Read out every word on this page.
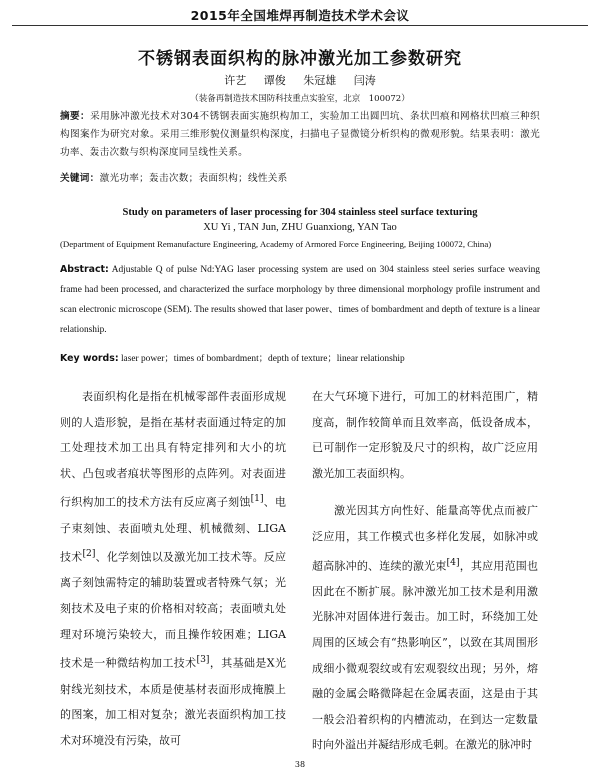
2015年全国堆焊再制造技术学术会议
不锈钢表面织构的脉冲激光加工参数研究
许艺 谭俊 朱冠雄 闫涛
（装备再制造技术国防科技重点实验室，北京　100072）
摘要：采用脉冲激光技术对304不锈钢表面实施织构加工，实验加工出圆凹坑、条状凹痕和网格状凹痕三种织构图案作为研究对象。采用三维形貌仪测量织构深度，扫描电子显微镜分析织构的微观形貌。结果表明：激光功率、轰击次数与织构深度同呈线性关系。
关键词：激光功率；轰击次数；表面织构；线性关系
Study on parameters of laser processing for 304 stainless steel surface texturing
XU Yi , TAN Jun, ZHU Guanxiong, YAN Tao
(Department of Equipment Remanufacture Engineering, Academy of Armored Force Engineering, Beijing 100072, China)
Abstract: Adjustable Q of pulse Nd:YAG laser processing system are used on 304 stainless steel series surface weaving frame had been processed, and characterized the surface morphology by three dimensional morphology profile instrument and scan electronic microscope (SEM). The results showed that laser power、times of bombardment and depth of texture is a linear relationship.
Key words: laser power；times of bombardment；depth of texture；linear relationship

表面织构化是指在机械零部件表面形成规则的人造形貌，是指在基材表面通过特定的加工处理技术加工出具有特定排列和大小的坑状、凸包或者痕状等图形的点阵列。对表面进行织构加工的技术方法有反应离子刻蚀[1]、电子束刻蚀、表面喷丸处理、机械微刻、LIGA技术[2]、化学刻蚀以及激光加工技术等。反应离子刻蚀需特定的辅助装置或者特殊气氛；光刻技术及电子束的价格相对较高；表面喷丸处理对环境污染较大，而且操作较困难；LIGA技术是一种微结构加工技术[3]，其基础是X光射线光刻技术，本质是使基材表面形成掩膜上的图案，加工相对复杂；激光表面织构加工技术对环境没有污染，故可

在大气环境下进行，可加工的材料范围广，精度高，制作较简单而且效率高，低设备成本，已可制作一定形貌及尺寸的织构，故广泛应用激光加工表面织构。

激光因其方向性好、能量高等优点而被广泛应用，其工作模式也多样化发展，如脉冲或超高脉冲的、连续的激光束[4]，其应用范围也因此在不断扩展。脉冲激光加工技术是利用激光脉冲对固体进行轰击。加工时，环绕加工处周围的区域会有“热影响区”，以致在其周围形成细小微观裂纹或有宏观裂纹出现；另外，熔融的金属会略微降起在金属表面，这是由于其一般会沿着织构的内槽流动，在到达一定数量时向外溢出并凝结形成毛刺。在激光的脉冲时

38
